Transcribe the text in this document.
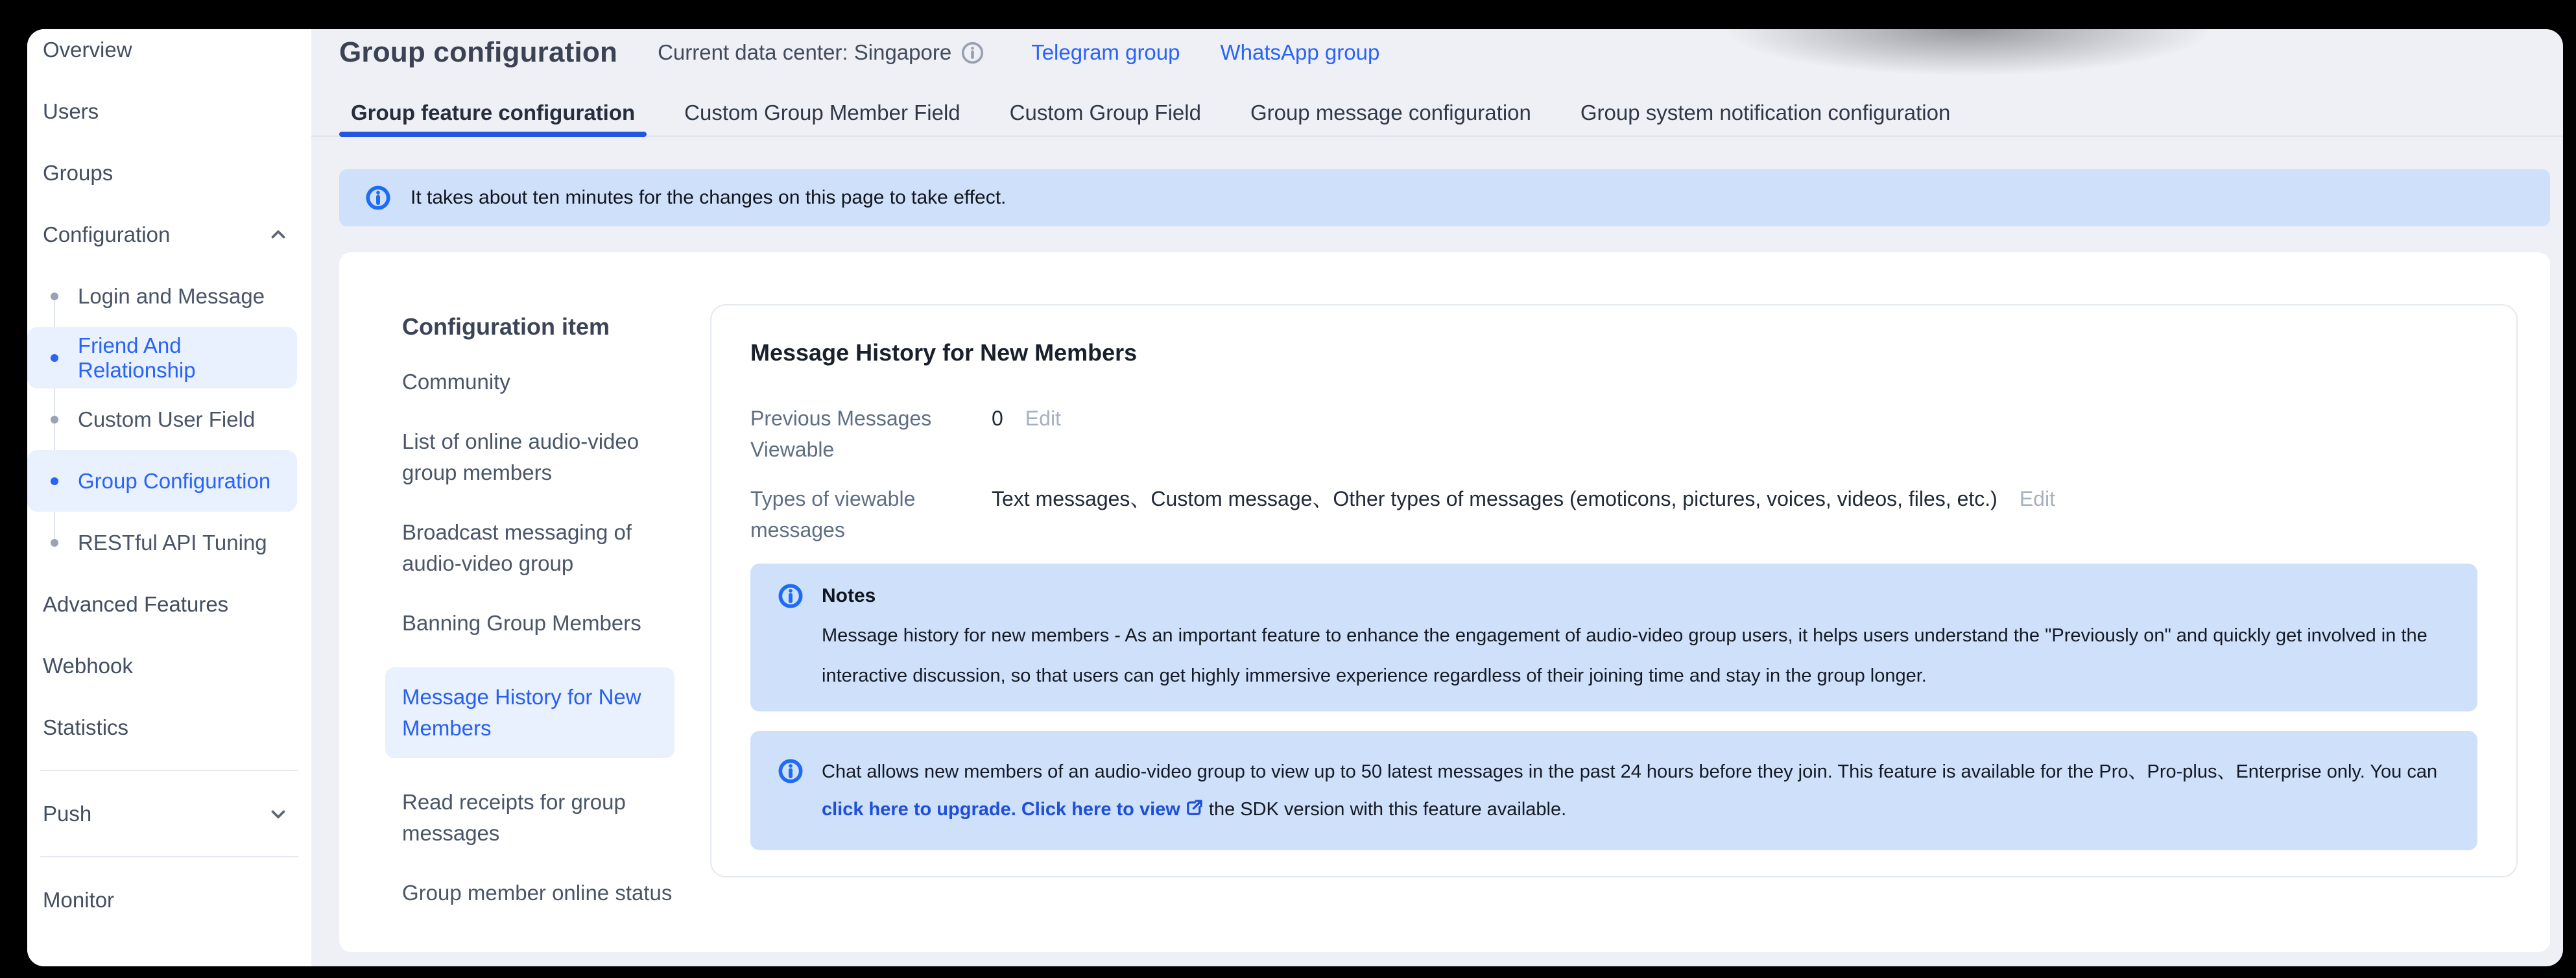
Overview
Users
Groups
Configuration
Login and Message
Friend And Relationship
Custom User Field
Group Configuration
RESTful API Tuning
Advanced Features
Webhook
Statistics
Push
Monitor
Group configuration Current data center: Singapore	Telegram group WhatsApp group
Group feature configuration Custom Group Member Field Custom Group Field Group message configuration Group system notification configuration
It takes about ten minutes for the changes on this page to take effect.
Configuration item
Community
List of online audio-video group members
Broadcast messaging of audio-video group
Banning Group Members
Message History for New Members
Read receipts for group messages
Group member online status
Message History for New Members
Previous Messages Viewable
0 Edit
Types of viewable messages
Text messages、Custom message、Other types of messages (emoticons, pictures, voices, videos, files, etc.) Edit
Notes

Message history for new members - As an important feature to enhance the engagement of audio-video group users, it helps users understand the "Previously on" and quickly get involved in the interactive discussion, so that users can get highly immersive experience regardless of their joining time and stay in the group longer.

Chat allows new members of an audio-video group to view up to 50 latest messages in the past 24 hours before they join. This feature is available for the Pro、Pro-plus、Enterprise only. You can click here to upgrade. Click here to view the SDK version with this feature available.
